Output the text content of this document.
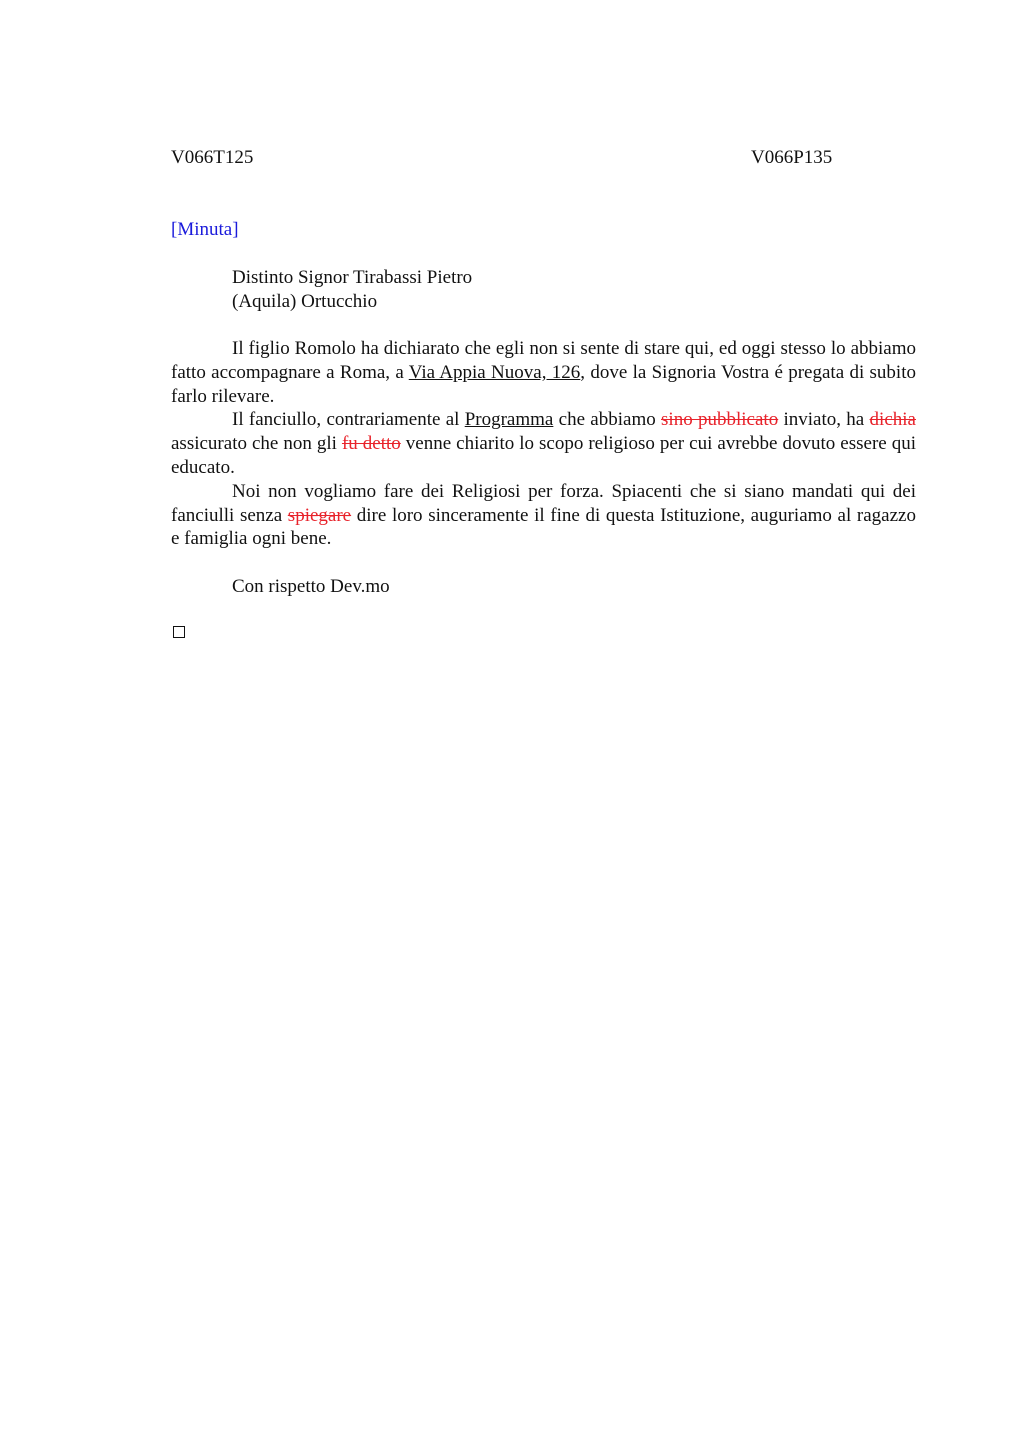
V066T125	V066P135
[Minuta]
Distinto Signor Tirabassi Pietro
(Aquila) Ortucchio

Il figlio Romolo ha dichiarato che egli non si sente di stare qui, ed oggi stesso lo abbiamo fatto accompagnare a Roma, a Via Appia Nuova, 126, dove la Signoria Vostra é pregata di subito farlo rilevare.

Il fanciullo, contrariamente al Programma che abbiamo sino pubblicato inviato, ha dichia assicurato che non gli fu detto venne chiarito lo scopo religioso per cui avrebbe dovuto essere qui educato.

Noi non vogliamo fare dei Religiosi per forza. Spiacenti che si siano mandati qui dei fanciulli senza spiegare dire loro sinceramente il fine di questa Istituzione, auguriamo al ragazzo e famiglia ogni bene.

Con rispetto Dev.mo
